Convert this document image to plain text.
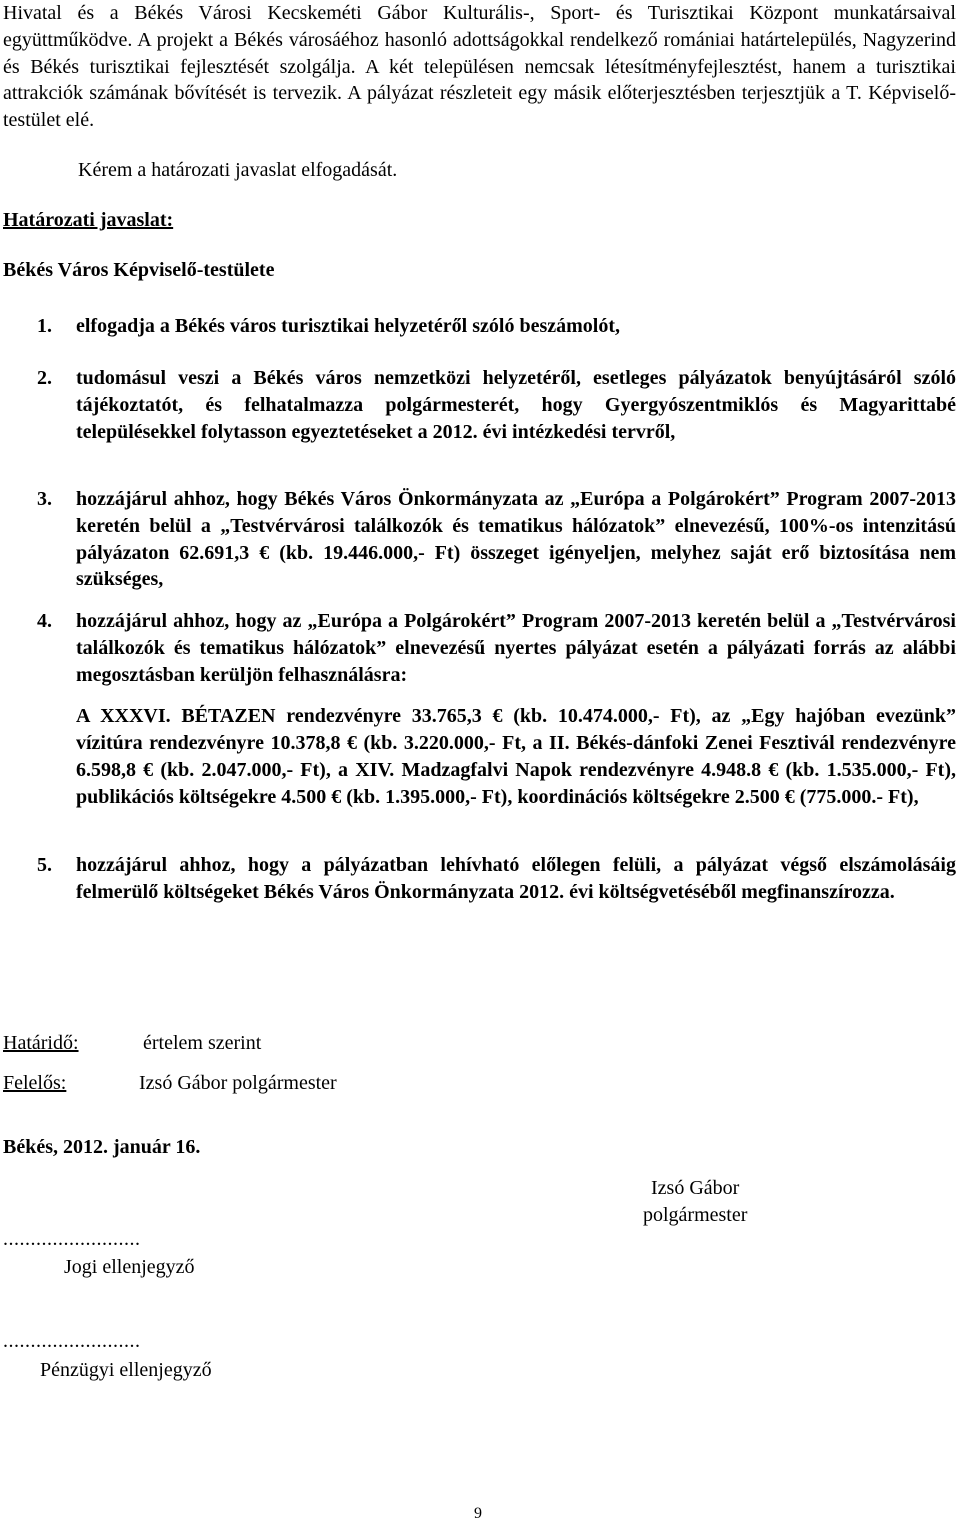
Hivatal és a Békés Városi Kecskeméti Gábor Kulturális-, Sport- és Turisztikai Központ munkatársaival együttműködve. A projekt a Békés városáéhoz hasonló adottságokkal rendelkező romániai határtelepülés, Nagyzerind és Békés turisztikai fejlesztését szolgálja. A két településen nemcsak létesítményfejlesztést, hanem a turisztikai attrakciók számának bővítését is tervezik. A pályázat részleteit egy másik előterjesztésben terjesztjük a T. Képviselő-testület elé.

Kérem a határozati javaslat elfogadását.
Határozati javaslat:
Békés Város Képviselő-testülete
1. elfogadja a Békés város turisztikai helyzetéről szóló beszámolót,
2. tudomásul veszi a Békés város nemzetközi helyzetéről, esetleges pályázatok benyújtásáról szóló tájékoztatót, és felhatalmazza polgármesterét, hogy Gyergyószentmiklós és Magyarittabé településekkel folytasson egyeztetéseket a 2012. évi intézkedési tervről,
3. hozzájárul ahhoz, hogy Békés Város Önkormányzata az „Európa a Polgárokért” Program 2007-2013 keretén belül a „Testvérvárosi találkozók és tematikus hálózatok” elnevezésű, 100%-os intenzitású pályázaton 62.691,3 € (kb. 19.446.000,- Ft) összeget igényeljen, melyhez saját erő biztosítása nem szükséges,
4. hozzájárul ahhoz, hogy az „Európa a Polgárokért” Program 2007-2013 keretén belül a „Testvérvárosi találkozók és tematikus hálózatok” elnevezésű nyertes pályázat esetén a pályázati forrás az alábbi megosztásban kerüljön felhasználásra:
A XXXVI. BÉTAZEN rendezvényre 33.765,3 € (kb. 10.474.000,- Ft), az „Egy hajóban evezünk” vízitúra rendezvényre 10.378,8 € (kb. 3.220.000,- Ft, a II. Békés-dánfoki Zenei Fesztivál rendezvényre 6.598,8 € (kb. 2.047.000,- Ft), a XIV. Madzagfalvi Napok rendezvényre 4.948.8 € (kb. 1.535.000,- Ft), publikációs költségekre 4.500 € (kb. 1.395.000,- Ft), koordinációs költségekre 2.500 € (775.000.- Ft),
5. hozzájárul ahhoz, hogy a pályázatban lehívható előlegen felüli, a pályázat végső elszámolásáig felmerülő költségeket Békés Város Önkormányzata 2012. évi költségvetéséből megfinanszírozza.
Határidő:	értelem szerint
Felelős:	Izsó Gábor polgármester
Békés, 2012. január 16.
Izsó Gábor
polgármester
.........................
Jogi ellenjegyző
.........................
Pénzügyi ellenjegyző
9
